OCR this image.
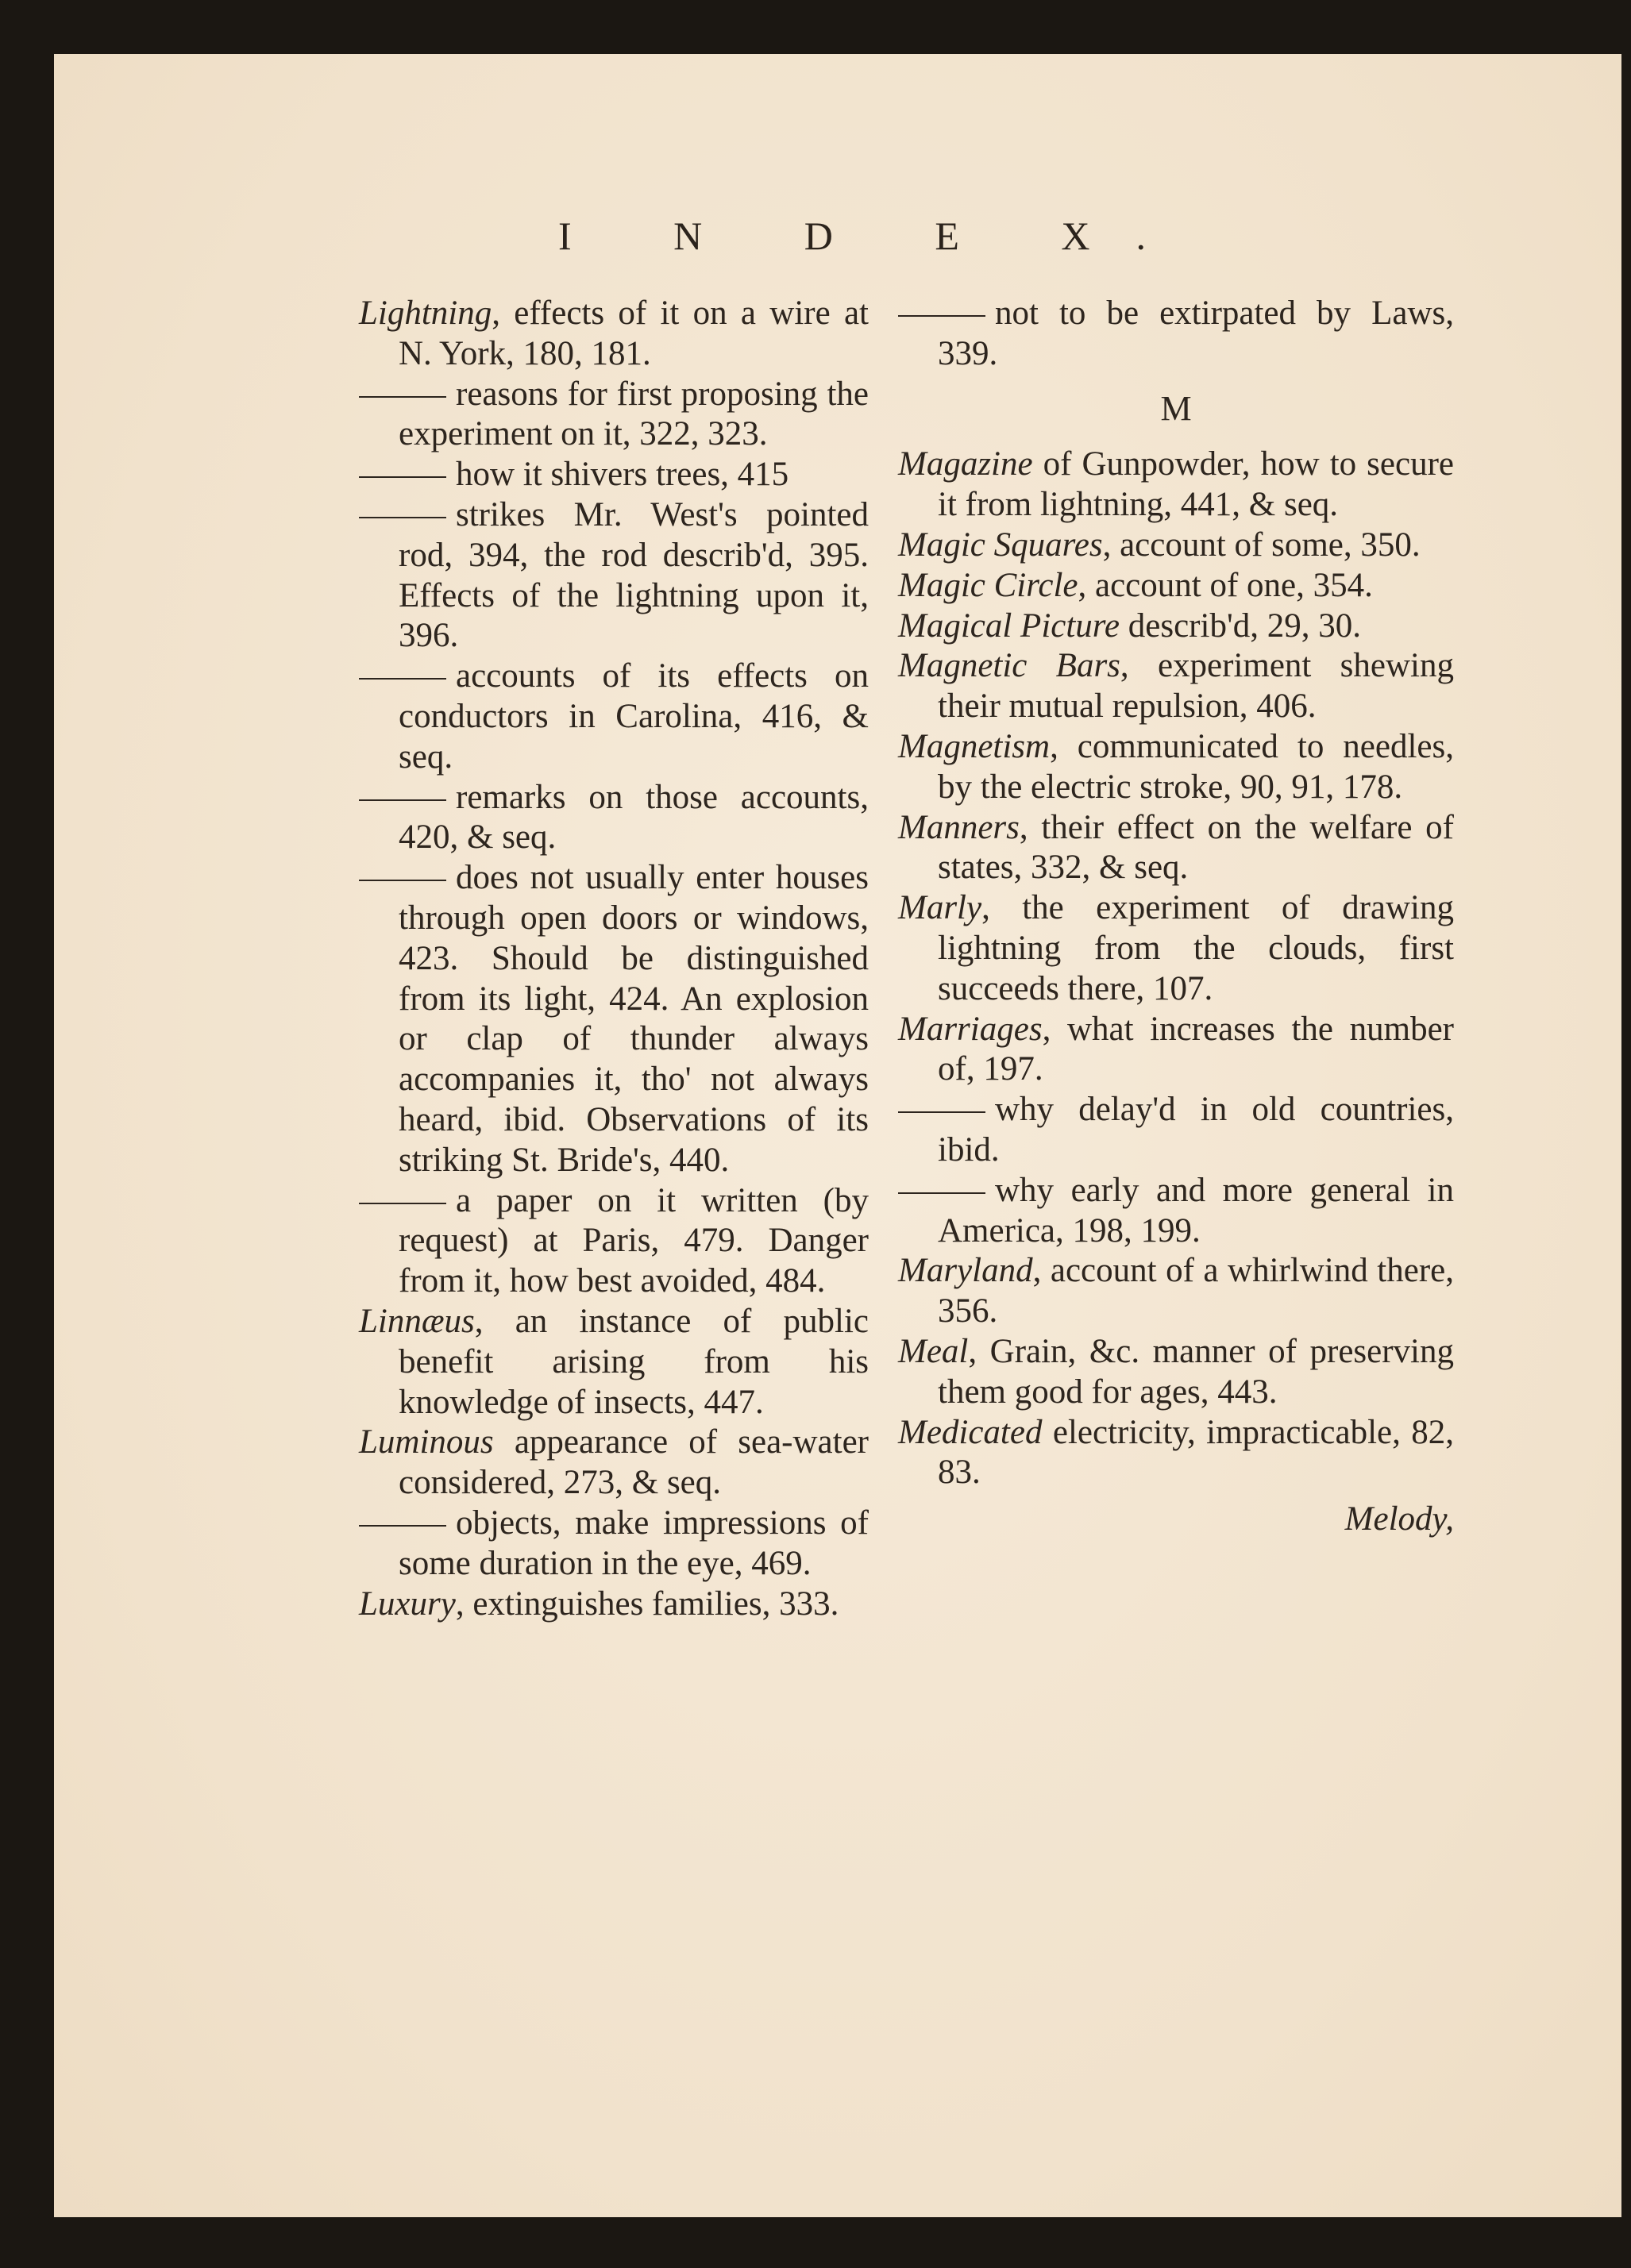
I N D E X.

Lightning, effects of it on a wire at N. York, 180, 181.

reasons for first proposing the experiment on it, 322, 323.

how it shivers trees, 415

strikes Mr. West's pointed rod, 394, the rod describ'd, 395. Effects of the lightning upon it, 396.

accounts of its effects on conductors in Carolina, 416, & seq.

remarks on those accounts, 420, & seq.

does not usually enter houses through open doors or windows, 423. Should be distinguished from its light, 424. An explosion or clap of thunder always accompanies it, tho' not always heard, ibid. Observations of its striking St. Bride's, 440.

a paper on it written (by request) at Paris, 479. Danger from it, how best avoided, 484.

Linnæus, an instance of public benefit arising from his knowledge of insects, 447.

Luminous appearance of sea-water considered, 273, & seq.

objects, make impressions of some duration in the eye, 469.

Luxury, extinguishes families, 333.

not to be extirpated by Laws, 339.

M

Magazine of Gunpowder, how to secure it from lightning, 441, & seq.

Magic Squares, account of some, 350.

Magic Circle, account of one, 354.

Magical Picture describ'd, 29, 30.

Magnetic Bars, experiment shewing their mutual repulsion, 406.

Magnetism, communicated to needles, by the electric stroke, 90, 91, 178.

Manners, their effect on the welfare of states, 332, & seq.

Marly, the experiment of drawing lightning from the clouds, first succeeds there, 107.

Marriages, what increases the number of, 197.

why delay'd in old countries, ibid.

why early and more general in America, 198, 199.

Maryland, account of a whirlwind there, 356.

Meal, Grain, &c. manner of preserving them good for ages, 443.

Medicated electricity, impracticable, 82, 83.

Melody,
